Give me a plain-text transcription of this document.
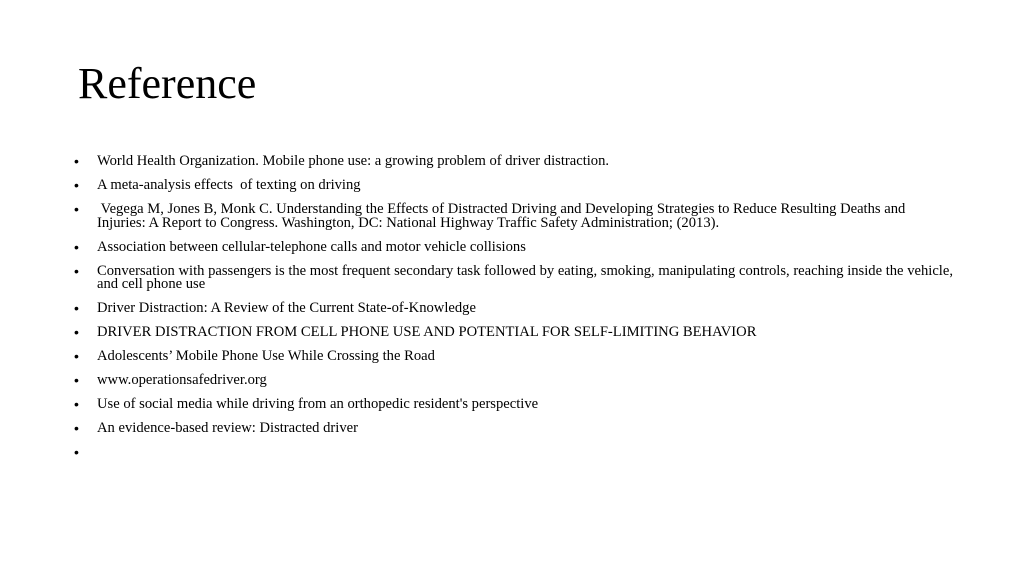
Reference
•	World Health Organization. Mobile phone use: a growing problem of driver distraction.
•	A meta-analysis effects  of texting on driving
•	Vegega M, Jones B, Monk C. Understanding the Effects of Distracted Driving and Developing Strategies to Reduce Resulting Deaths and Injuries: A Report to Congress. Washington, DC: National Highway Traffic Safety Administration; (2013).
•	Association between cellular-telephone calls and motor vehicle collisions
•	Conversation with passengers is the most frequent secondary task followed by eating, smoking, manipulating controls, reaching inside the vehicle, and cell phone use
•	Driver Distraction: A Review of the Current State-of-Knowledge
•	DRIVER DISTRACTION FROM CELL PHONE USE AND POTENTIAL FOR SELF-LIMITING BEHAVIOR
•	Adolescents’ Mobile Phone Use While Crossing the Road
•	www.operationsafedriver.org
•	Use of social media while driving from an orthopedic resident's perspective
•	An evidence-based review: Distracted driver
•
